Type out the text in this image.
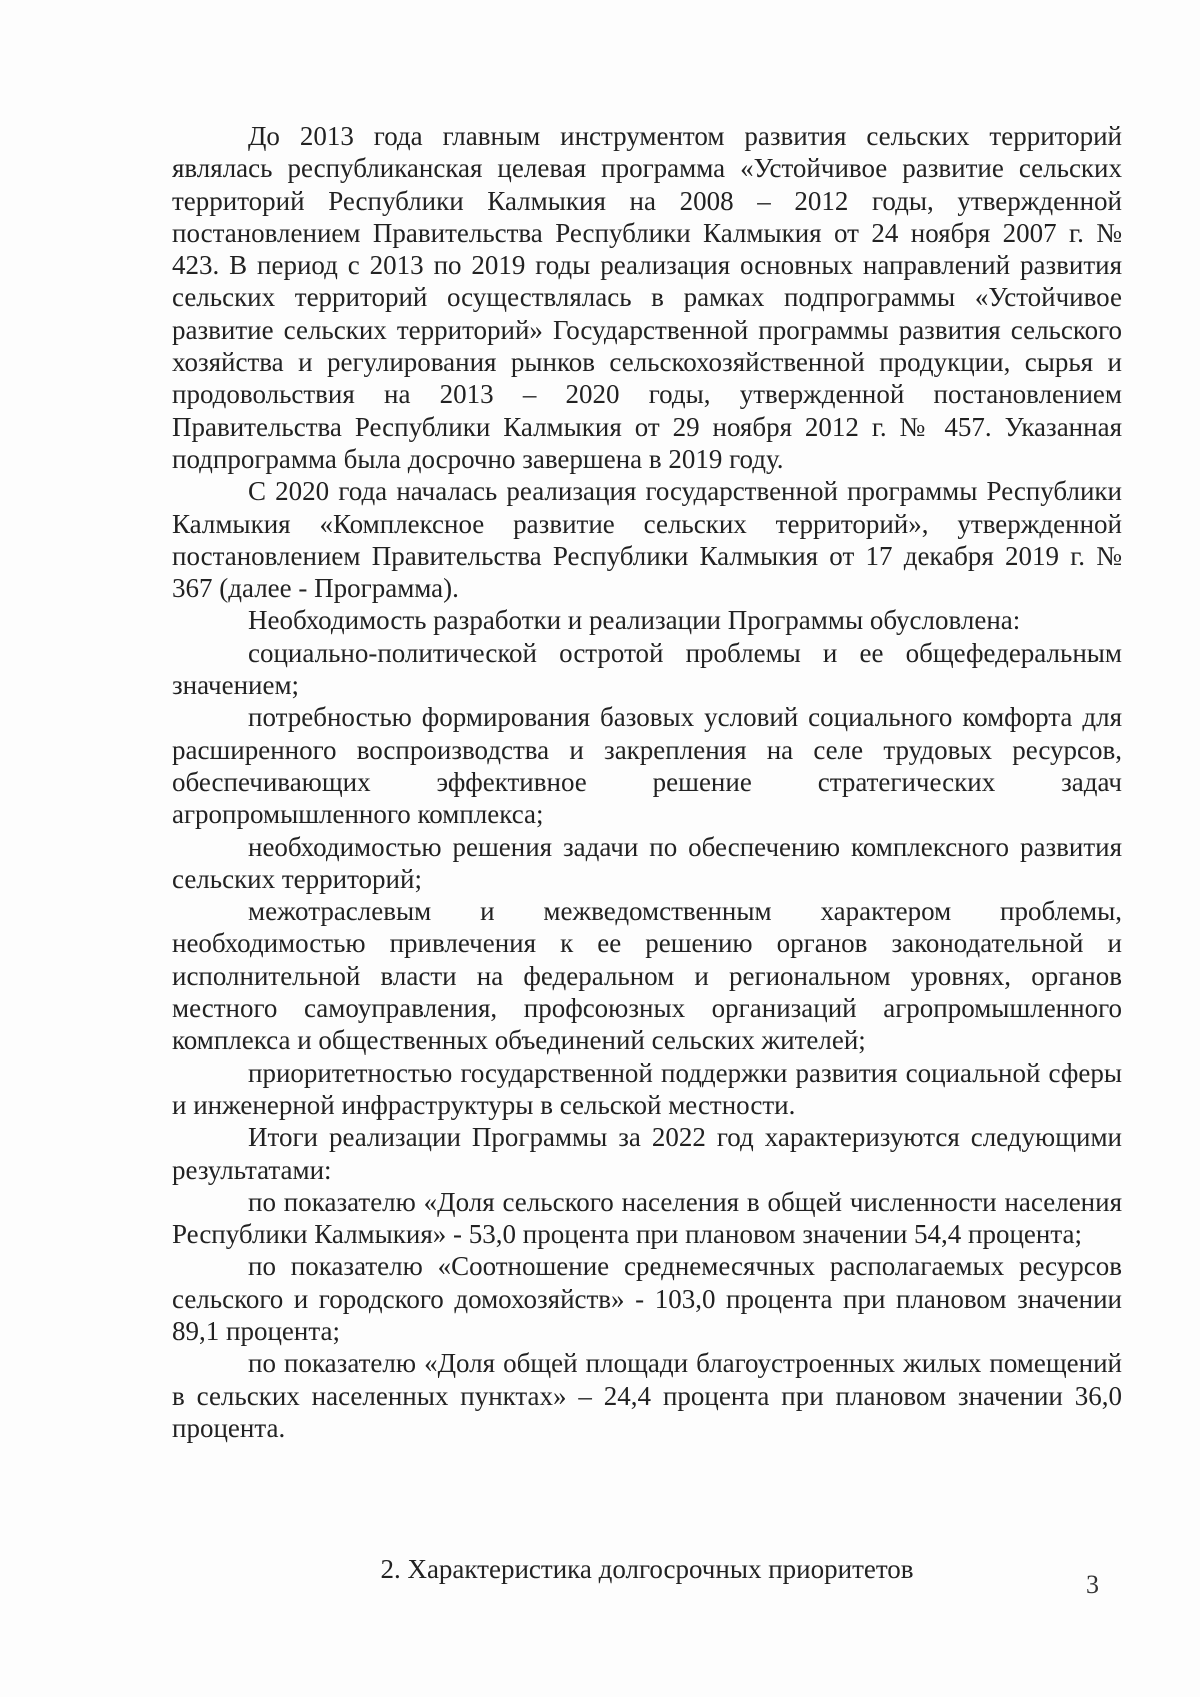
До 2013 года главным инструментом развития сельских территорий являлась республиканская целевая программа «Устойчивое развитие сельских территорий Республики Калмыкия на 2008 – 2012 годы, утвержденной постановлением Правительства Республики Калмыкия от 24 ноября 2007 г. № 423. В период с 2013 по 2019 годы реализация основных направлений развития сельских территорий осуществлялась в рамках подпрограммы «Устойчивое развитие сельских территорий» Государственной программы развития сельского хозяйства и регулирования рынков сельскохозяйственной продукции, сырья и продовольствия на 2013 – 2020 годы, утвержденной постановлением Правительства Республики Калмыкия от 29 ноября 2012 г. № 457. Указанная подпрограмма была досрочно завершена в 2019 году.

С 2020 года началась реализация государственной программы Республики Калмыкия «Комплексное развитие сельских территорий», утвержденной постановлением Правительства Республики Калмыкия от 17 декабря 2019 г. № 367 (далее - Программа).

Необходимость разработки и реализации Программы обусловлена:

социально-политической остротой проблемы и ее общефедеральным значением;

потребностью формирования базовых условий социального комфорта для расширенного воспроизводства и закрепления на селе трудовых ресурсов, обеспечивающих эффективное решение стратегических задач агропромышленного комплекса;

необходимостью решения задачи по обеспечению комплексного развития сельских территорий;

межотраслевым и межведомственным характером проблемы, необходимостью привлечения к ее решению органов законодательной и исполнительной власти на федеральном и региональном уровнях, органов местного самоуправления, профсоюзных организаций агропромышленного комплекса и общественных объединений сельских жителей;

приоритетностью государственной поддержки развития социальной сферы и инженерной инфраструктуры в сельской местности.

Итоги реализации Программы за 2022 год характеризуются следующими результатами:

по показателю «Доля сельского населения в общей численности населения Республики Калмыкия» - 53,0 процента при плановом значении 54,4 процента;

по показателю «Соотношение среднемесячных располагаемых ресурсов сельского и городского домохозяйств» - 103,0 процента при плановом значении 89,1 процента;

по показателю «Доля общей площади благоустроенных жилых помещений в сельских населенных пунктах» – 24,4 процента при плановом значении 36,0 процента.

2. Характеристика долгосрочных приоритетов
3
